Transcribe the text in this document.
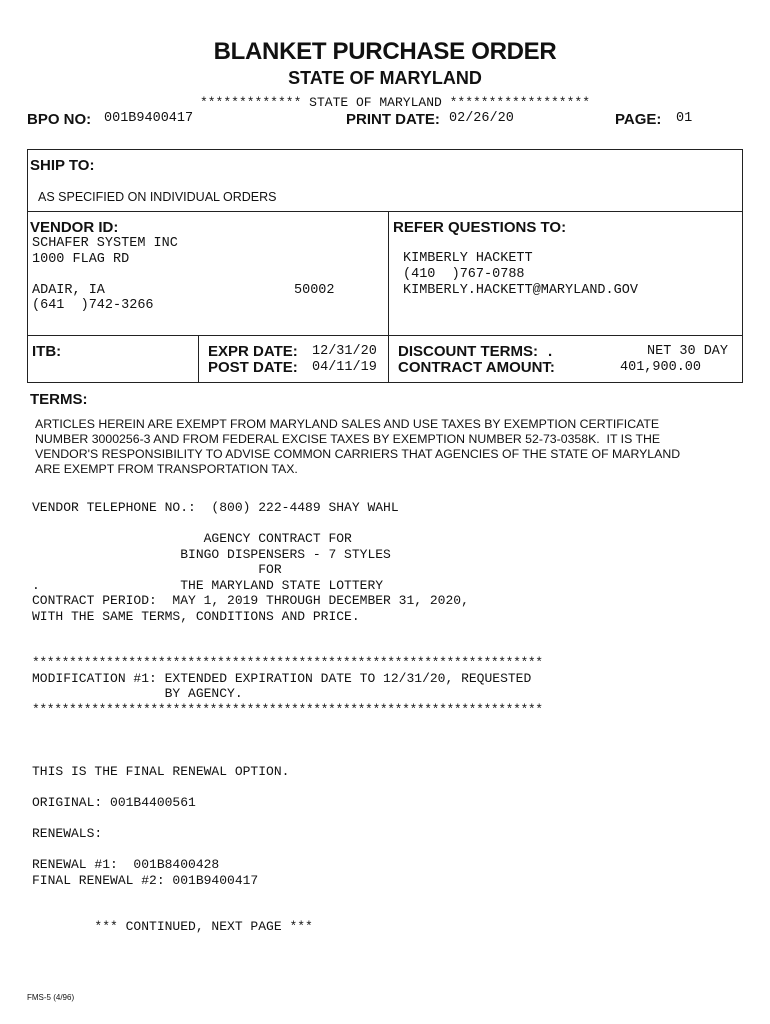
BLANKET PURCHASE ORDER
STATE OF MARYLAND
************* STATE OF MARYLAND ******************
BPO NO: 001B9400417	PRINT DATE: 02/26/20	PAGE: 01
SHIP TO:
AS SPECIFIED ON INDIVIDUAL ORDERS
VENDOR ID:
SCHAFER SYSTEM INC
1000 FLAG RD
ADAIR, IA	50002
(641  )742-3266
REFER QUESTIONS TO:
KIMBERLY HACKETT
(410  )767-0788
KIMBERLY.HACKETT@MARYLAND.GOV
ITB:	EXPR DATE: 12/31/20
POST DATE: 04/11/19
DISCOUNT TERMS: .	NET 30 DAY
CONTRACT AMOUNT:	401,900.00
TERMS:
ARTICLES HEREIN ARE EXEMPT FROM MARYLAND SALES AND USE TAXES BY EXEMPTION CERTIFICATE
NUMBER 3000256-3 AND FROM FEDERAL EXCISE TAXES BY EXEMPTION NUMBER 52-73-0358K.  IT IS THE
VENDOR'S RESPONSIBILITY TO ADVISE COMMON CARRIERS THAT AGENCIES OF THE STATE OF MARYLAND
ARE EXEMPT FROM TRANSPORTATION TAX.
VENDOR TELEPHONE NO.:  (800) 222-4489 SHAY WAHL
AGENCY CONTRACT FOR
BINGO DISPENSERS - 7 STYLES
FOR
.                  THE MARYLAND STATE LOTTERY
CONTRACT PERIOD:  MAY 1, 2019 THROUGH DECEMBER 31, 2020,
WITH THE SAME TERMS, CONDITIONS AND PRICE.
*********************************************************************
MODIFICATION #1: EXTENDED EXPIRATION DATE TO 12/31/20, REQUESTED
BY AGENCY.
*********************************************************************
THIS IS THE FINAL RENEWAL OPTION.
ORIGINAL: 001B4400561
RENEWALS:
RENEWAL #1:  001B8400428
FINAL RENEWAL #2: 001B9400417
*** CONTINUED, NEXT PAGE ***
FMS-5 (4/96)
